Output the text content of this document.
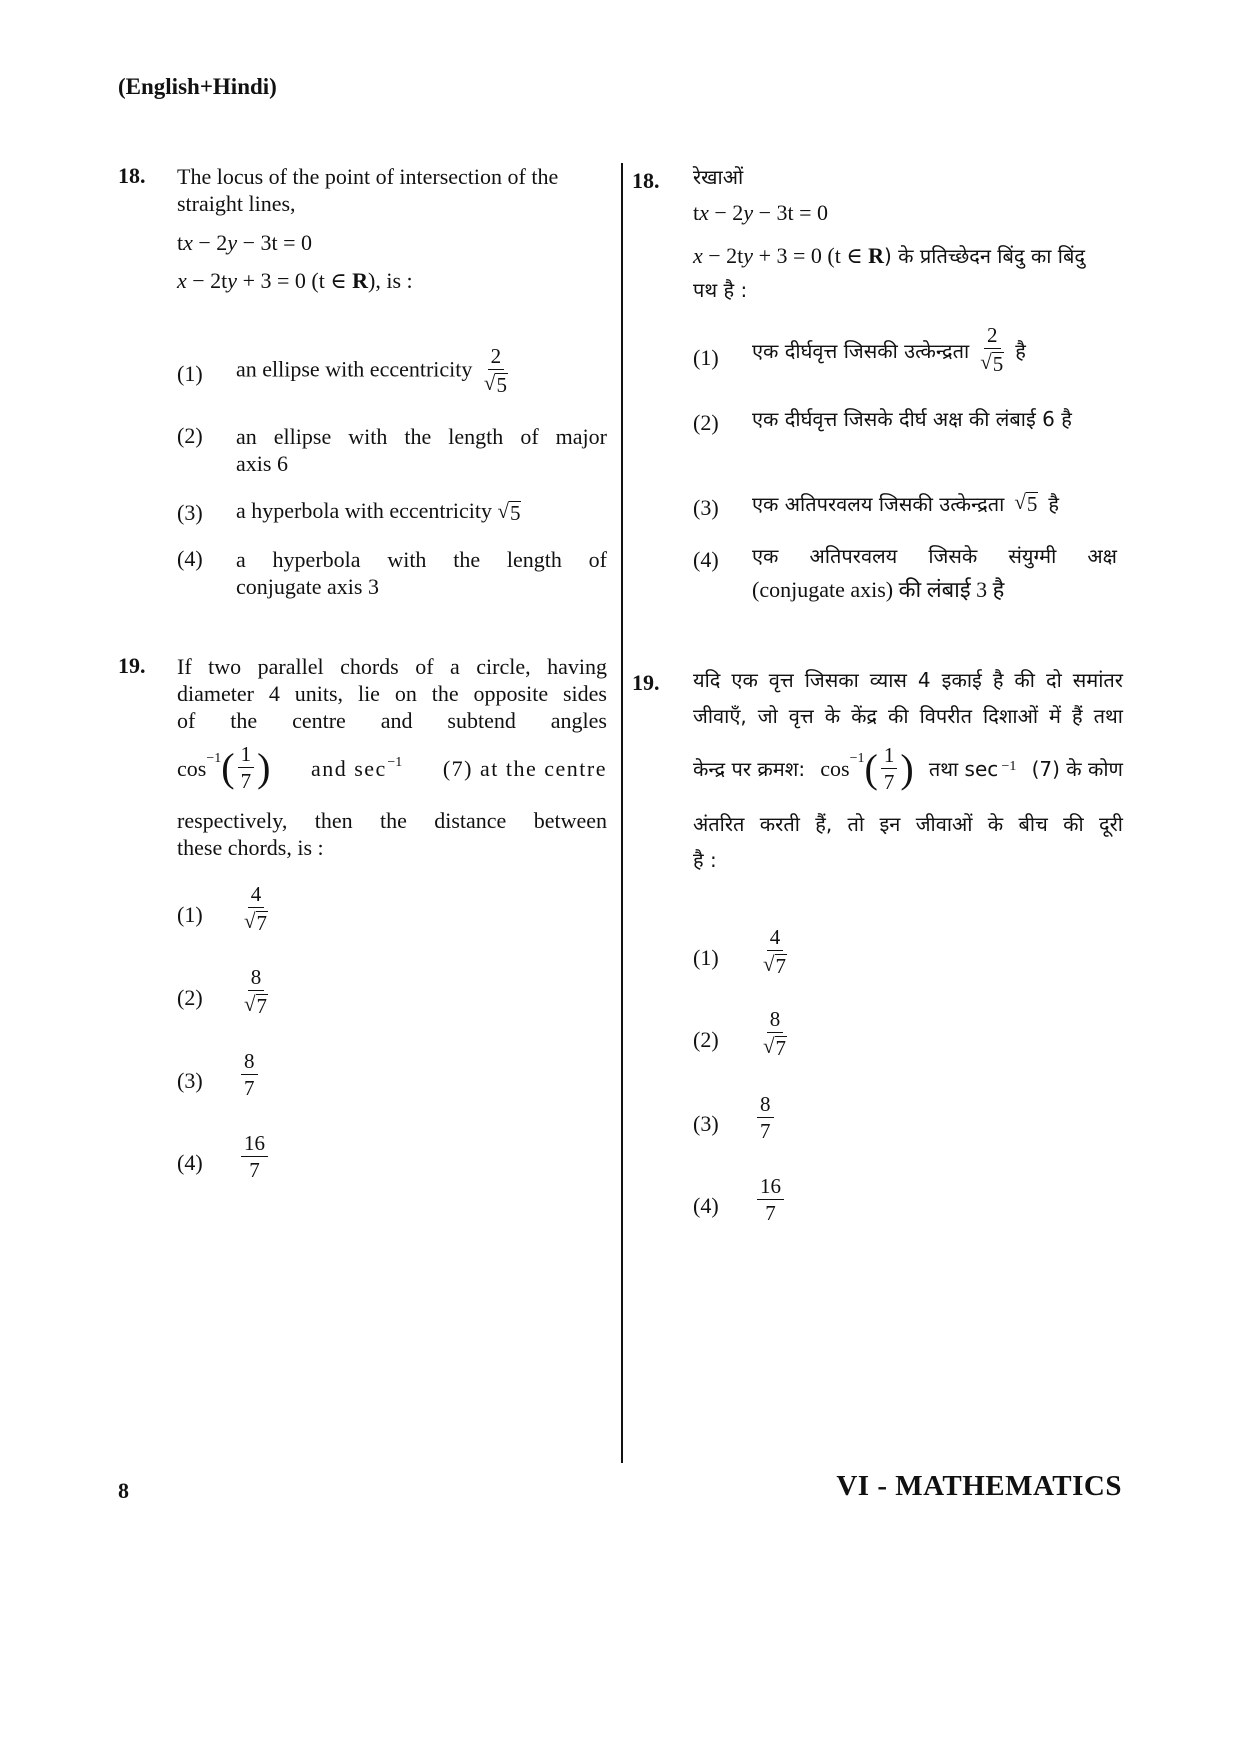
(English+Hindi)
8	VI - MATHEMATICS
18. The locus of the point of intersection of the
straight lines,
tx − 2y − 3t = 0
x − 2ty + 3 = 0 (t ∈ R), is :
(1) an ellipse with eccentricity $\frac{2}{√ 5}$
(2) an ellipse with the length of major
axis 6
(3) a hyperbola with eccentricity √ 5
(4) a hyperbola with the length of
conjugate axis 3
19. If two parallel chords of a circle, having
diameter 4 units, lie on the opposite sides
of the centre and subtend angles
$\cos^{-1}$ ( $\frac{1}{7}$ ) and sec $^{-1}$ (7) at the centre
respectively, then the distance between
these chords, is :
$(1) \frac{4}{√ 7}$
$(2) \frac{8}{√ 7}$
$(3) \frac{8}{7}$
$(4) \frac{16}{7}$
18. रेखाओं
tx − 2y − 3t = 0
x − 2ty + 3 = 0 (t ∈ R) के प्रतिच्छेदन बिंदु का बिंदु
पथ है :
(1) एक दीर्घवृत्त जिसकी उत्केन्द्रता $\frac{2}{√ 5}$ है
(2) एक दीर्घवृत्त जिसके दीर्घ अक्ष की लंबाई 6 है
(3) एक अतिपरवलय जिसकी उत्केन्द्रता √ 5 है
(4) एक अतिपरवलय जिसके संयुग्मी अक्ष
(conjugate axis) की लंबाई 3 है
19. यदि एक वृत्त जिसका व्यास 4 इकाई है की दो समांतर
जीवाएँ, जो वृत्त के केंद्र की विपरीत दिशाओं में हैं तथा
केन्द्र पर क्रमश: $\cos^{-1}$ ( $\frac{1}{7}$ ) तथा sec $^{-1}$ (7) के कोण
अंतरित करती हैं, तो इन जीवाओं के बीच की दूरी
है :
$(1) \frac{4}{√ 7}$
$(2) \frac{8}{√ 7}$
$(3) \frac{8}{7}$
$(4) \frac{16}{7}$
